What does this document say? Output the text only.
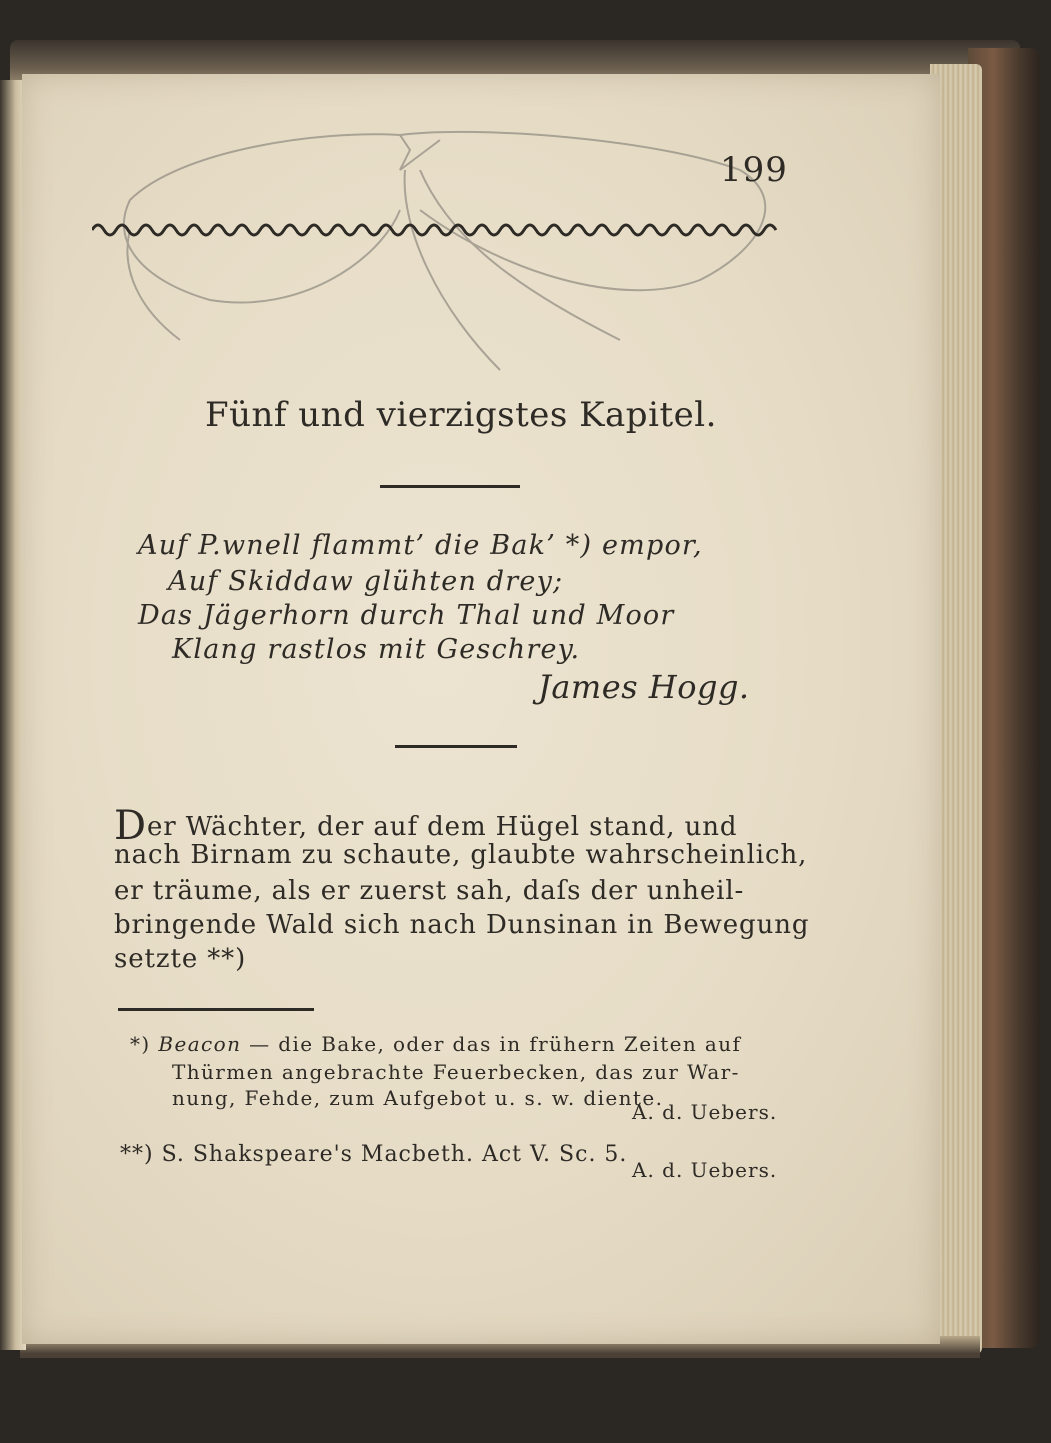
199
Fünf und vierzigstes Kapitel.
Auf P.wnell flammt’ die Bak’ *) empor,
Auf Skiddaw glühten drey;
Das Jägerhorn durch Thal und Moor
Klang rastlos mit Geschrey.
James Hogg.
Der Wächter, der auf dem Hügel stand, und
nach Birnam zu schaute, glaubte wahrscheinlich,
er träume, als er zuerst sah, daſs der unheil-
bringende Wald sich nach Dunsinan in Bewegung
setzte **)
*) Beacon — die Bake, oder das in frühern Zeiten auf
Thürmen angebrachte Feuerbecken, das zur War-
nung, Fehde, zum Aufgebot u. s. w. diente.
A. d. Uebers.
**) S. Shakspeare's Macbeth. Act V. Sc. 5.
A. d. Uebers.
